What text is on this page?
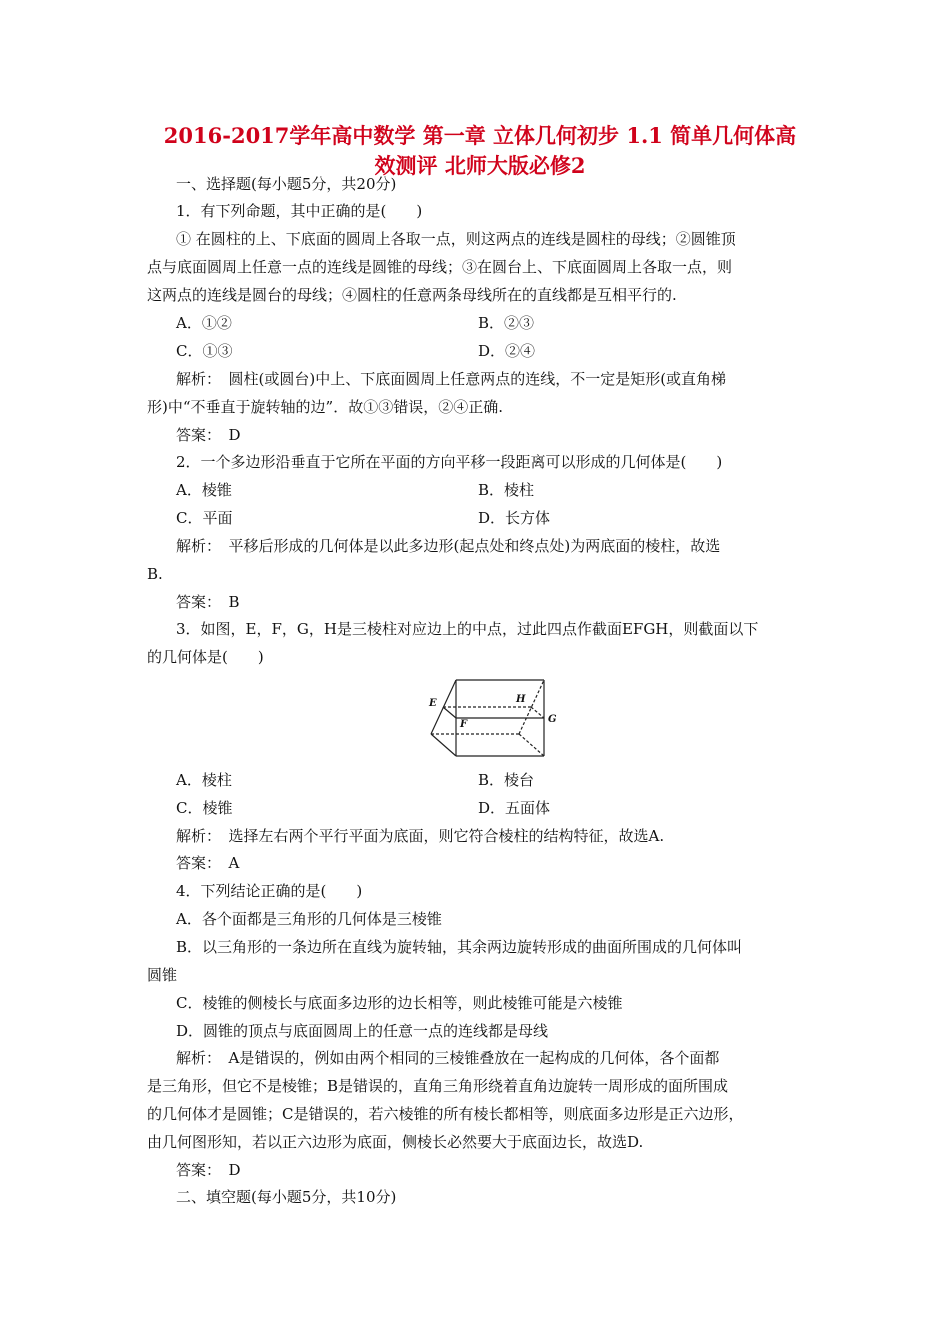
2016-2017学年高中数学 第一章 立体几何初步 1.1 简单几何体高
效测评 北师大版必修2
一、选择题(每小题5分，共20分)
1．有下列命题，其中正确的是(　　)
① 在圆柱的上、下底面的圆周上各取一点，则这两点的连线是圆柱的母线；②圆锥顶
点与底面圆周上任意一点的连线是圆锥的母线；③在圆台上、下底面圆周上各取一点，则
这两点的连线是圆台的母线；④圆柱的任意两条母线所在的直线都是互相平行的.
A．①②	B．②③
C．①③	D．②④
解析：　圆柱(或圆台)中上、下底面圆周上任意两点的连线，不一定是矩形(或直角梯
形)中“不垂直于旋转轴的边”．故①③错误，②④正确.
答案：　D
2．一个多边形沿垂直于它所在平面的方向平移一段距离可以形成的几何体是(　　)
A．棱锥	B．棱柱
C．平面	D．长方体
解析：　平移后形成的几何体是以此多边形(起点处和终点处)为两底面的棱柱，故选
B.
答案：　B
3．如图，E，F，G，H是三棱柱对应边上的中点，过此四点作截面EFGH，则截面以下
的几何体是(　　)
E
F	G
H
A．棱柱	B．棱台
C．棱锥	D．五面体
解析：　选择左右两个平行平面为底面，则它符合棱柱的结构特征，故选A.
答案：　A
4．下列结论正确的是(　　)
A．各个面都是三角形的几何体是三棱锥
B．以三角形的一条边所在直线为旋转轴，其余两边旋转形成的曲面所围成的几何体叫
圆锥
C．棱锥的侧棱长与底面多边形的边长相等，则此棱锥可能是六棱锥
D．圆锥的顶点与底面圆周上的任意一点的连线都是母线
解析：　A是错误的，例如由两个相同的三棱锥叠放在一起构成的几何体，各个面都
是三角形，但它不是棱锥；B是错误的，直角三角形绕着直角边旋转一周形成的面所围成
的几何体才是圆锥；C是错误的，若六棱锥的所有棱长都相等，则底面多边形是正六边形，
由几何图形知，若以正六边形为底面，侧棱长必然要大于底面边长，故选D.
答案：　D
二、填空题(每小题5分，共10分)
